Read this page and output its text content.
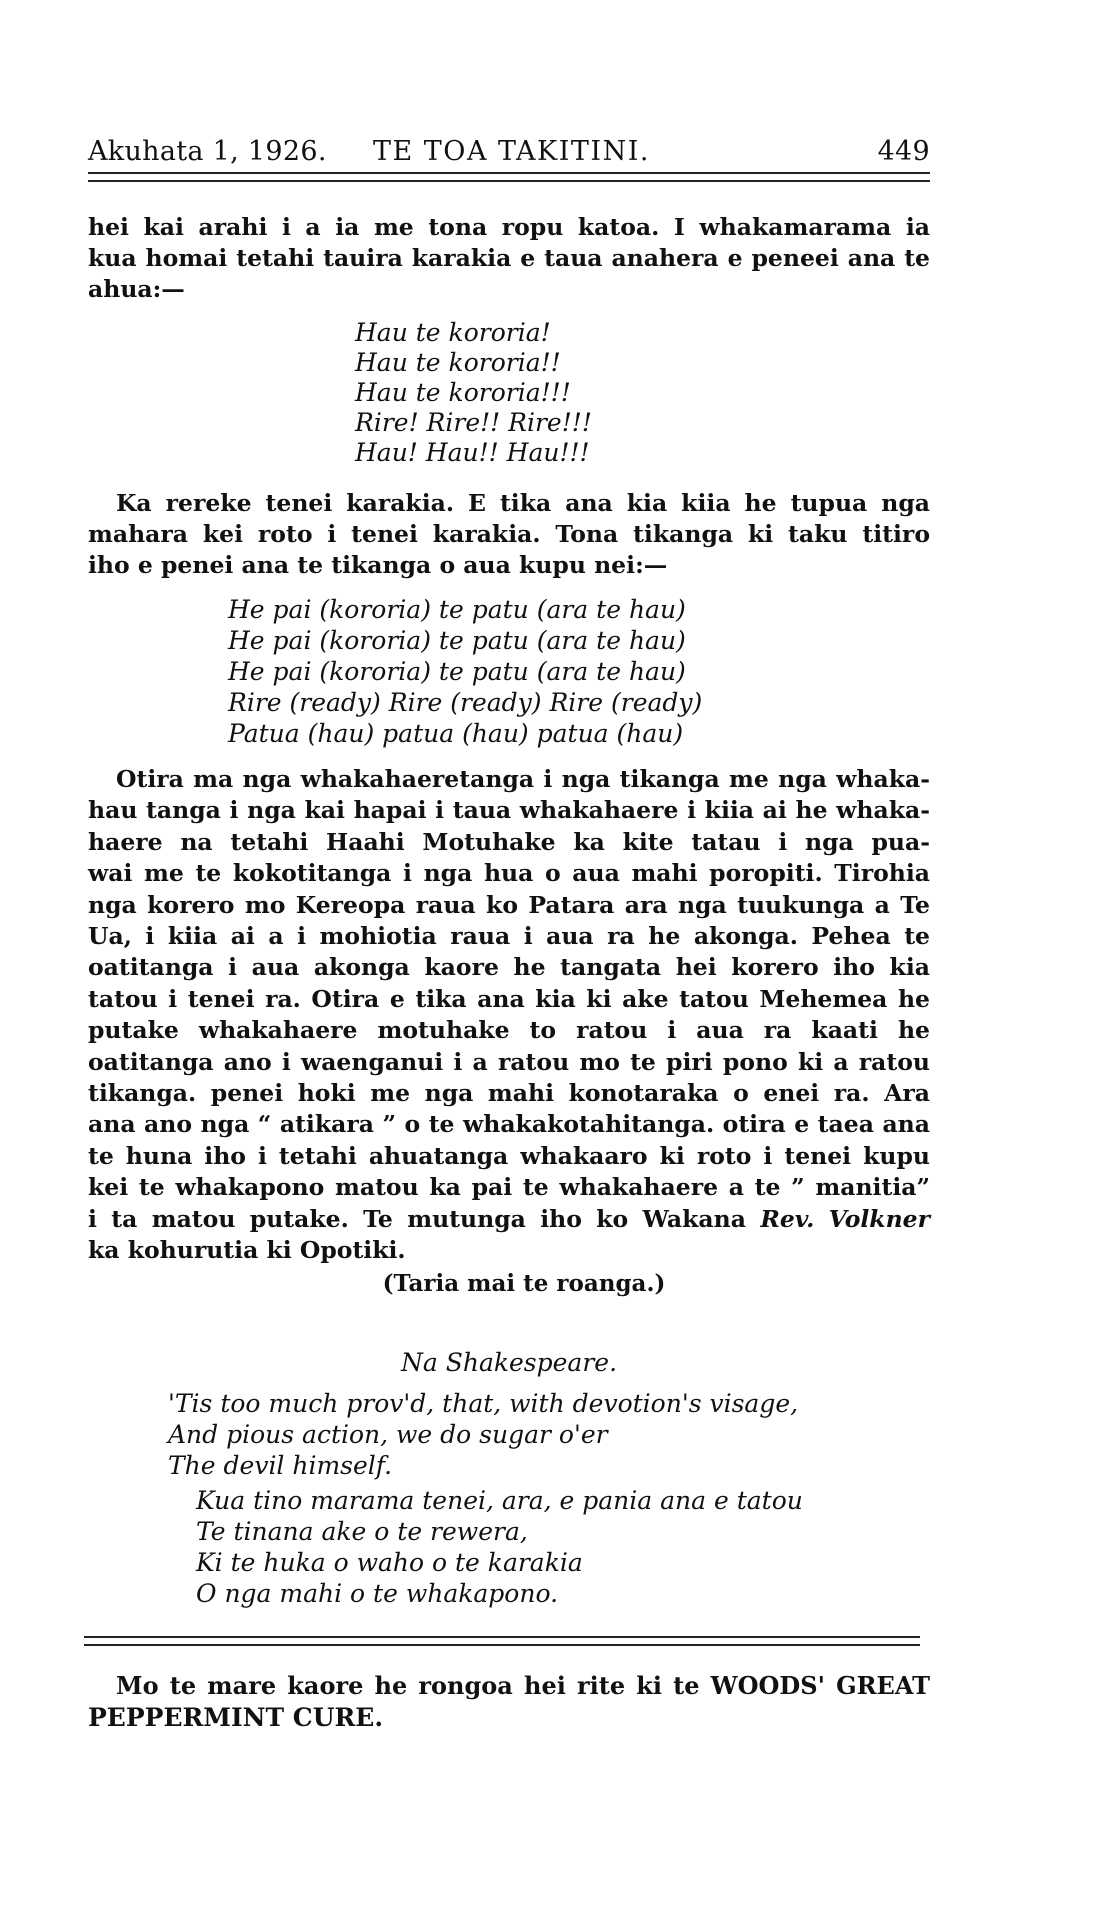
Akuhata 1, 1926. TE TOA TAKITINI.	449
hei kai arahi i a ia me tona ropu katoa. I whakamarama ia
kua homai tetahi tauira karakia e taua anahera e peneei ana te
ahua:—
Hau te kororia!
Hau te kororia!!
Hau te kororia!!!
Rire! Rire!! Rire!!!
Hau! Hau!! Hau!!!
Ka rereke tenei karakia. E tika ana kia kiia he tupua nga
mahara kei roto i tenei karakia. Tona tikanga ki taku titiro
iho e penei ana te tikanga o aua kupu nei:—
He pai (kororia) te patu (ara te hau)
He pai (kororia) te patu (ara te hau)
He pai (kororia) te patu (ara te hau)
Rire (ready) Rire (ready) Rire (ready)
Patua (hau) patua (hau) patua (hau)
Otira ma nga whakahaeretanga i nga tikanga me nga whaka-
hau tanga i nga kai hapai i taua whakahaere i kiia ai he whaka-
haere na tetahi Haahi Motuhake ka kite tatau i nga pua-
wai me te kokotitanga i nga hua o aua mahi poropiti. Tirohia
nga korero mo Kereopa raua ko Patara ara nga tuukunga a Te
Ua, i kiia ai a i mohiotia raua i aua ra he akonga. Pehea te
oatitanga i aua akonga kaore he tangata hei korero iho kia
tatou i tenei ra. Otira e tika ana kia ki ake tatou Mehemea he
putake whakahaere motuhake to ratou i aua ra kaati he
oatitanga ano i waenganui i a ratou mo te piri pono ki a ratou
tikanga. penei hoki me nga mahi konotaraka o enei ra. Ara
ana ano nga “ atikara ” o te whakakotahitanga. otira e taea ana
te huna iho i tetahi ahuatanga whakaaro ki roto i tenei kupu
kei te whakapono matou ka pai te whakahaere a te ” manitia”
i ta matou putake. Te mutunga iho ko Wakana Rev. Volkner
ka kohurutia ki Opotiki.
(Taria mai te roanga.)
Na Shakespeare.
'Tis too much prov'd, that, with devotion's visage,
And pious action, we do sugar o'er
The devil himself.
Kua tino marama tenei, ara, e pania ana e tatou
Te tinana ake o te rewera,
Ki te huka o waho o te karakia
O nga mahi o te whakapono.
Mo te mare kaore he rongoa hei rite ki te WOODS' GREAT
PEPPERMINT CURE.
